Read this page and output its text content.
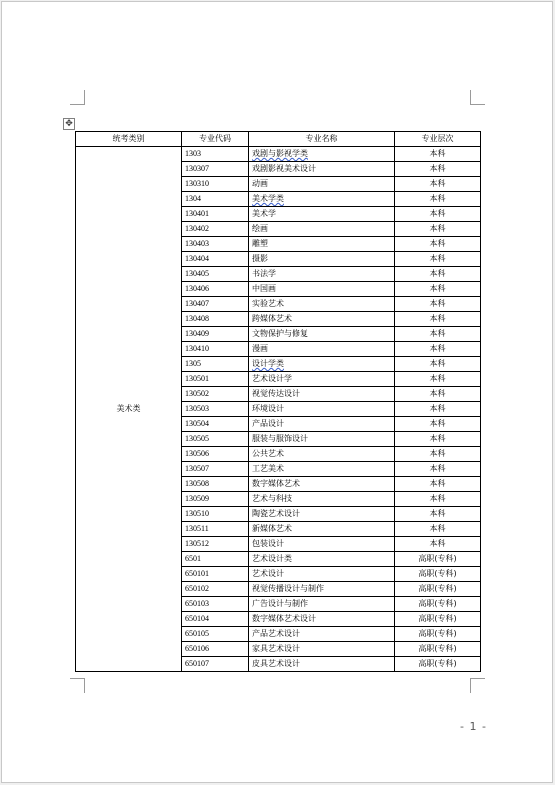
✥
统考类别	专业代码	专业名称	专业层次
美术类	1303	戏剧与影视学类	本科
	130307	戏剧影视美术设计	本科
	130310	动画	本科
	1304	美术学类	本科
	130401	美术学	本科
	130402	绘画	本科
	130403	雕塑	本科
	130404	摄影	本科
	130405	书法学	本科
	130406	中国画	本科
	130407	实验艺术	本科
	130408	跨媒体艺术	本科
	130409	文物保护与修复	本科
	130410	漫画	本科
	1305	设计学类	本科
	130501	艺术设计学	本科
	130502	视觉传达设计	本科
	130503	环境设计	本科
	130504	产品设计	本科
	130505	服装与服饰设计	本科
	130506	公共艺术	本科
	130507	工艺美术	本科
	130508	数字媒体艺术	本科
	130509	艺术与科技	本科
	130510	陶瓷艺术设计	本科
	130511	新媒体艺术	本科
	130512	包装设计	本科
	6501	艺术设计类	高职(专科)
	650101	艺术设计	高职(专科)
	650102	视觉传播设计与制作	高职(专科)
	650103	广告设计与制作	高职(专科)
	650104	数字媒体艺术设计	高职(专科)
	650105	产品艺术设计	高职(专科)
	650106	家具艺术设计	高职(专科)
	650107	皮具艺术设计	高职(专科)
- 1 -
